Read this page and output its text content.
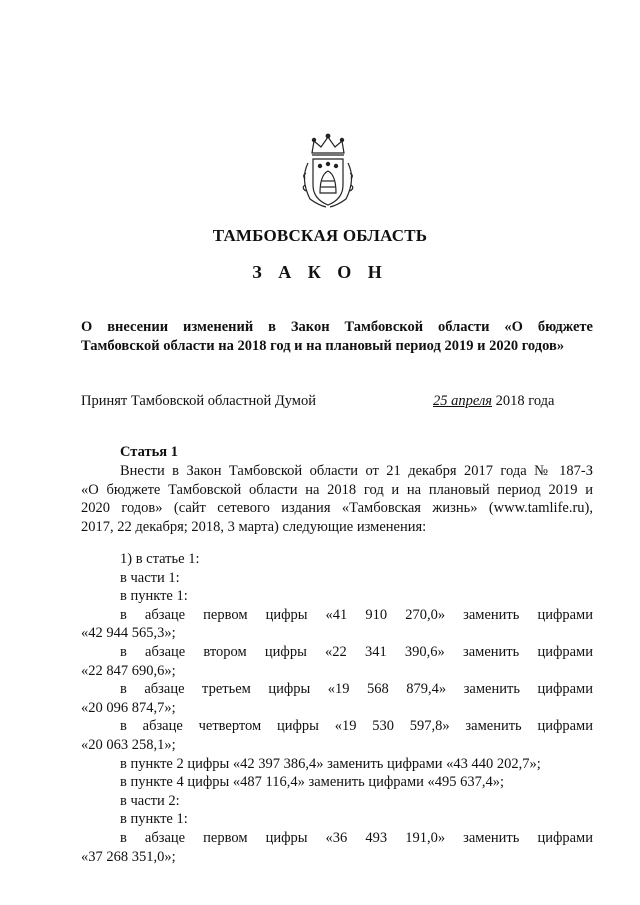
ТАМБОВСКАЯ ОБЛАСТЬ
З А К О Н
О внесении изменений в Закон Тамбовской области «О бюджете
Тамбовской области на 2018 год и на плановый период 2019 и 2020 годов»
Принят Тамбовской областной Думой	25 апреля 2018 года
Статья 1
Внести в Закон Тамбовской области от 21 декабря 2017 года № 187-З
«О бюджете Тамбовской области на 2018 год и на плановый период 2019 и
2020 годов» (сайт сетевого издания «Тамбовская жизнь» (www.tamlife.ru),
2017, 22 декабря; 2018, 3 марта) следующие изменения:
1) в статье 1:
в части 1:
в пункте 1:
в абзаце первом цифры «41 910 270,0» заменить цифрами
«42 944 565,3»;
в абзаце втором цифры «22 341 390,6» заменить цифрами
«22 847 690,6»;
в абзаце третьем цифры «19 568 879,4» заменить цифрами
«20 096 874,7»;
в абзаце четвертом цифры «19 530 597,8» заменить цифрами
«20 063 258,1»;
в пункте 2 цифры «42 397 386,4» заменить цифрами «43 440 202,7»;
в пункте 4 цифры «487 116,4» заменить цифрами «495 637,4»;
в части 2:
в пункте 1:
в абзаце первом цифры «36 493 191,0» заменить цифрами
«37 268 351,0»;
